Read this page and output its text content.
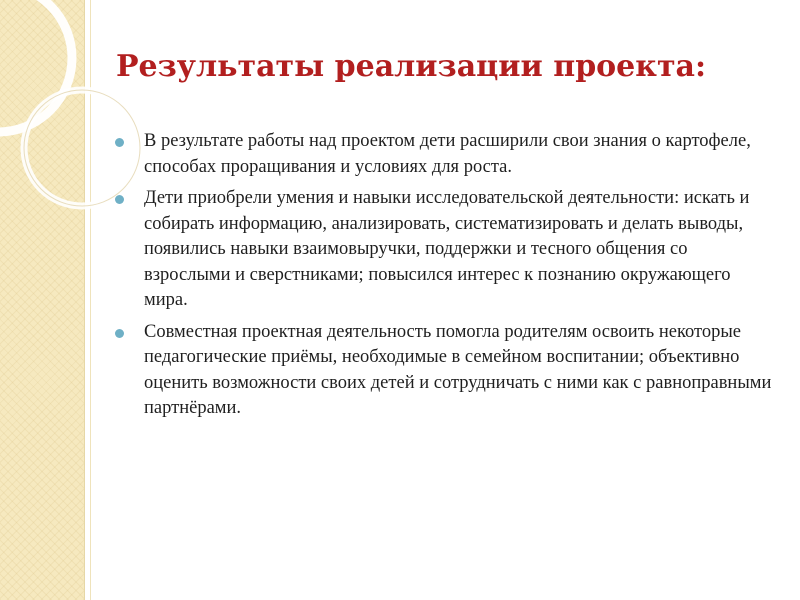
Результаты реализации проекта:
В результате работы над проектом дети расширили свои знания о картофеле, способах проращивания и условиях для роста.
Дети приобрели умения и навыки исследовательской деятельности: искать и собирать информацию, анализировать, систематизировать и делать выводы, появились навыки взаимовыручки, поддержки и тесного общения со взрослыми и сверстниками; повысился интерес к познанию окружающего мира.
Совместная проектная деятельность помогла родителям освоить некоторые педагогические приёмы, необходимые в семейном воспитании; объективно оценить возможности своих детей и сотрудничать с ними как с равноправными партнёрами.
